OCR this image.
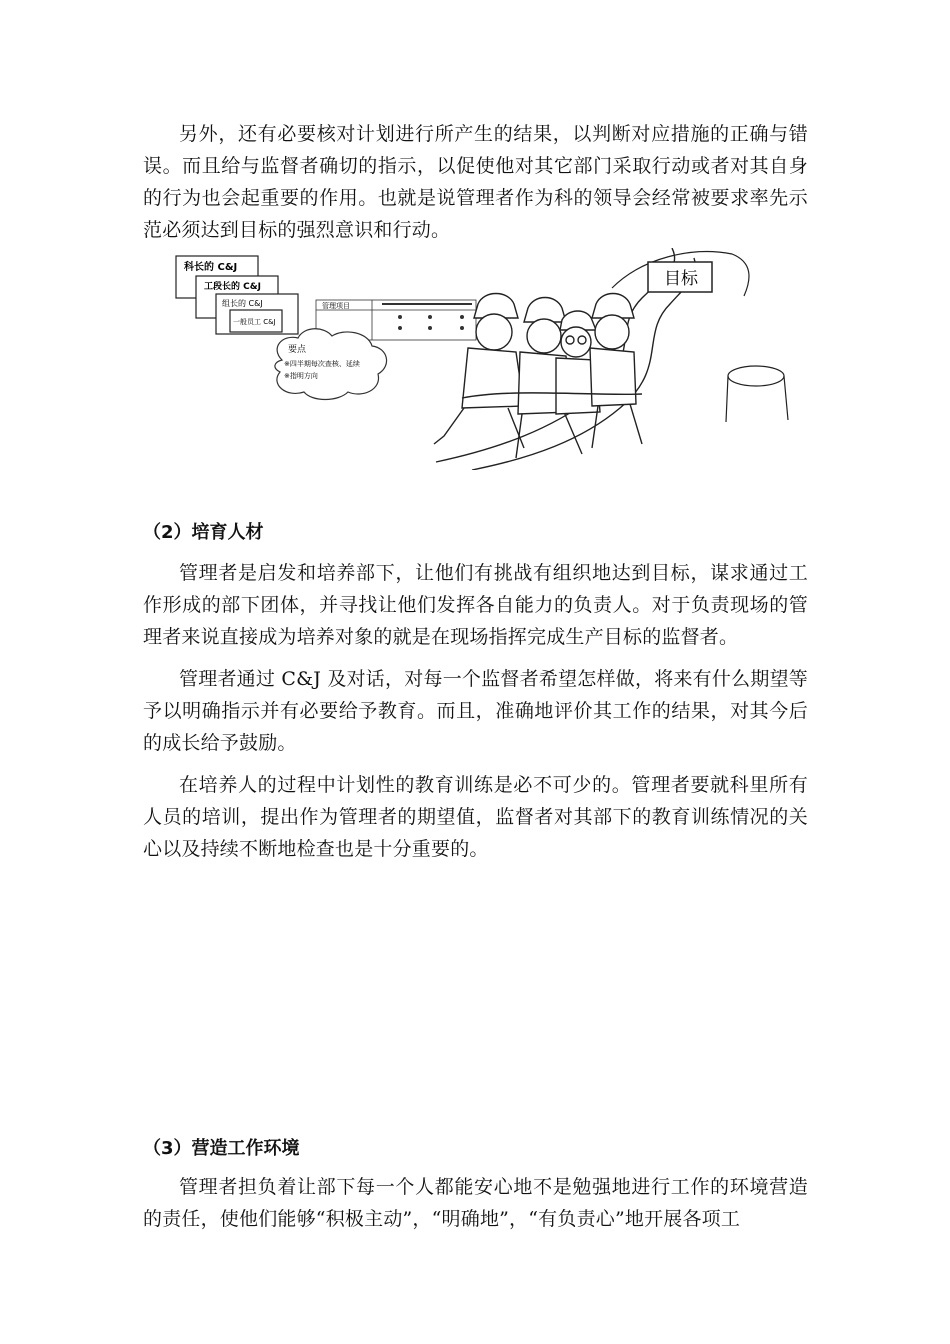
另外，还有必要核对计划进行所产生的结果，以判断对应措施的正确与错误。而且给与监督者确切的指示，以促使他对其它部门采取行动或者对其自身的行为也会起重要的作用。也就是说管理者作为科的领导会经常被要求率先示范必须达到目标的强烈意识和行动。

科长的 C&J
工段长的 C&J
组长的 C&J
一般员工 C&J
管理项目
要点
※四半期每次查核、延续
※指明方向
目标

（2）培育人材

管理者是启发和培养部下，让他们有挑战有组织地达到目标，谋求通过工作形成的部下团体，并寻找让他们发挥各自能力的负责人。对于负责现场的管理者来说直接成为培养对象的就是在现场指挥完成生产目标的监督者。

管理者通过 C&J 及对话，对每一个监督者希望怎样做，将来有什么期望等予以明确指示并有必要给予教育。而且，准确地评价其工作的结果，对其今后的成长给予鼓励。

在培养人的过程中计划性的教育训练是必不可少的。管理者要就科里所有人员的培训，提出作为管理者的期望值，监督者对其部下的教育训练情况的关心以及持续不断地检查也是十分重要的。

（3）营造工作环境

管理者担负着让部下每一个人都能安心地不是勉强地进行工作的环境营造的责任，使他们能够“积极主动”，“明确地”，“有负责心”地开展各项工
